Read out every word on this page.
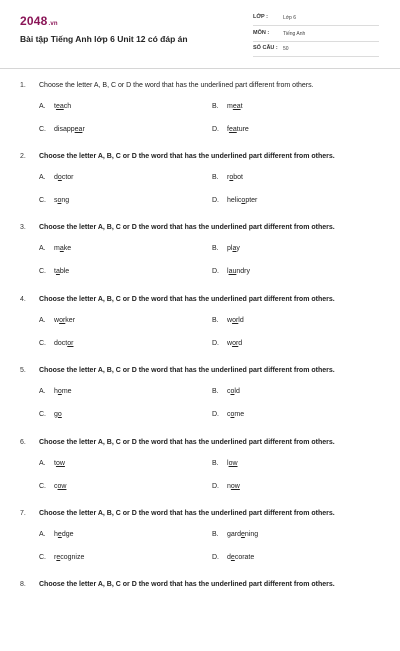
2048.vn
Bài tập Tiếng Anh lớp 6 Unit 12 có đáp án
LỚP :	Lớp 6
MÔN :	Tiếng Anh
SỐ CÂU : 50
1. Choose the letter A, B, C or D the word that has the underlined part different from others.
A. teach	B. meat
C. disappear	D. feature
2. Choose the letter A, B, C or D the word that has the underlined part different from others.
A. doctor	B. robot
C. song	D. helicopter
3. Choose the letter A, B, C or D the word that has the underlined part different from others.
A. make	B. play
C. table	D. laundry
4. Choose the letter A, B, C or D the word that has the underlined part different from others.
A. worker	B. world
C. doctor	D. word
5. Choose the letter A, B, C or D the word that has the underlined part different from others.
A. home	B. cold
C. go	D. come
6. Choose the letter A, B, C or D the word that has the underlined part different from others.
A. tow	B. low
C. cow	D. now
7. Choose the letter A, B, C or D the word that has the underlined part different from others.
A. hedge	B. gardening
C. recognize	D. decorate
8. Choose the letter A, B, C or D the word that has the underlined part different from others.
